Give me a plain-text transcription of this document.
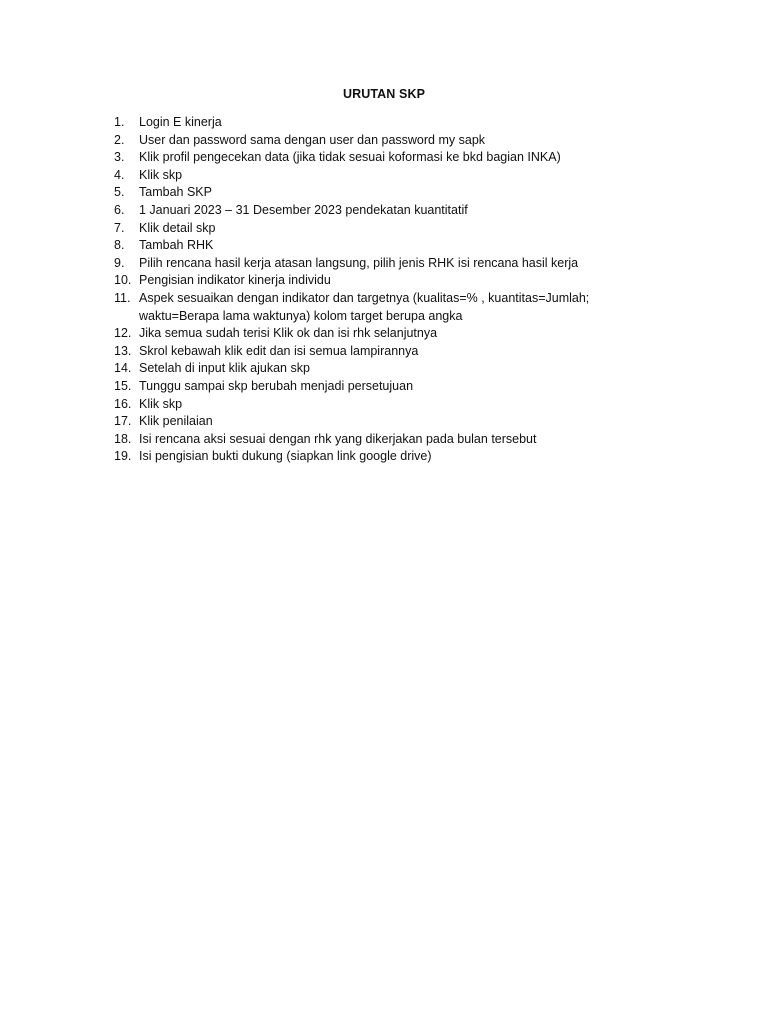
URUTAN SKP
1.	Login E kinerja
2.	User dan password sama dengan user dan password my sapk
3.	Klik profil pengecekan data (jika tidak sesuai koformasi ke bkd bagian INKA)
4.	Klik skp
5.	Tambah SKP
6.	1 Januari 2023 – 31 Desember 2023 pendekatan kuantitatif
7.	Klik detail skp
8.	Tambah RHK
9.	Pilih rencana hasil kerja atasan langsung, pilih jenis RHK isi rencana hasil kerja
10. Pengisian indikator kinerja individu
11. Aspek sesuaikan dengan indikator dan targetnya (kualitas=% , kuantitas=Jumlah; waktu=Berapa lama waktunya) kolom target berupa angka
12. Jika semua sudah terisi Klik ok dan isi rhk selanjutnya
13. Skrol kebawah klik edit dan isi semua lampirannya
14. Setelah di input klik ajukan skp
15. Tunggu sampai skp berubah menjadi persetujuan
16. Klik skp
17. Klik penilaian
18. Isi rencana aksi sesuai dengan rhk yang dikerjakan pada bulan tersebut
19. Isi pengisian bukti dukung (siapkan link google drive)
